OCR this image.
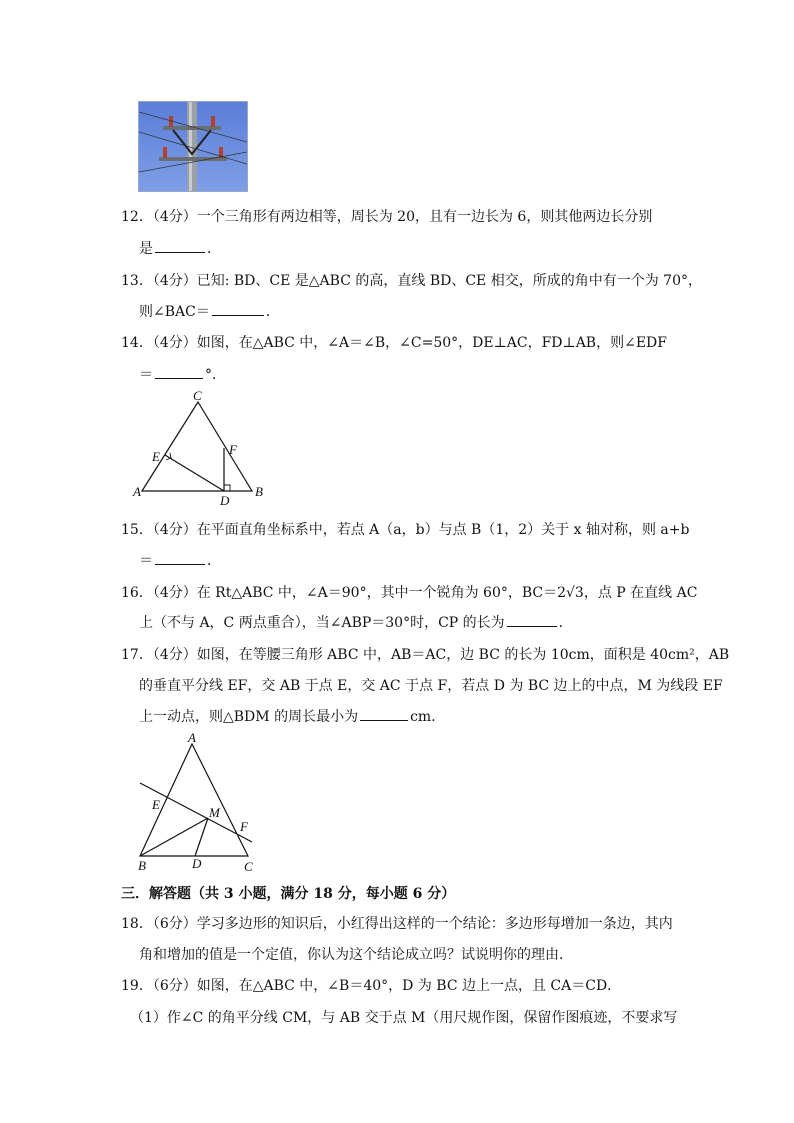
12．（4分）一个三角形有两边相等，周长为 20，且有一边长为 6，则其他两边长分别
是	．
13．（4分）已知: BD、CE 是△ABC 的高，直线 BD、CE 相交，所成的角中有一个为 70°，
则∠BAC＝	．
14．（4分）如图，在△ABC 中，∠A＝∠B，∠C=50°，DE⊥AC，FD⊥AB，则∠EDF
＝	°．
C
E	F
A
D
B
15．（4分）在平面直角坐标系中，若点 A（a，b）与点 B（1，2）关于 x 轴对称，则 a+b
＝	．
16．（4分）在 Rt△ABC 中，∠A＝90°，其中一个锐角为 60°，BC＝2√3，点 P 在直线 AC
上（不与 A，C 两点重合），当∠ABP＝30°时，CP 的长为	．
17．（4分）如图，在等腰三角形 ABC 中，AB＝AC，边 BC 的长为 10cm，面积是 40cm²，AB
的垂直平分线 EF，交 AB 于点 E，交 AC 于点 F，若点 D 为 BC 边上的中点，M 为线段 EF
上一动点，则△BDM 的周长最小为	cm．
A
E
M
F
B	D	C
三．解答题（共 3 小题，满分 18 分，每小题 6 分）
18．（6分）学习多边形的知识后，小红得出这样的一个结论：多边形每增加一条边，其内
角和增加的值是一个定值，你认为这个结论成立吗？试说明你的理由．
19．（6分）如图，在△ABC 中，∠B＝40°，D 为 BC 边上一点，且 CA＝CD．
（1）作∠C 的角平分线 CM，与 AB 交于点 M（用尺规作图，保留作图痕迹，不要求写
